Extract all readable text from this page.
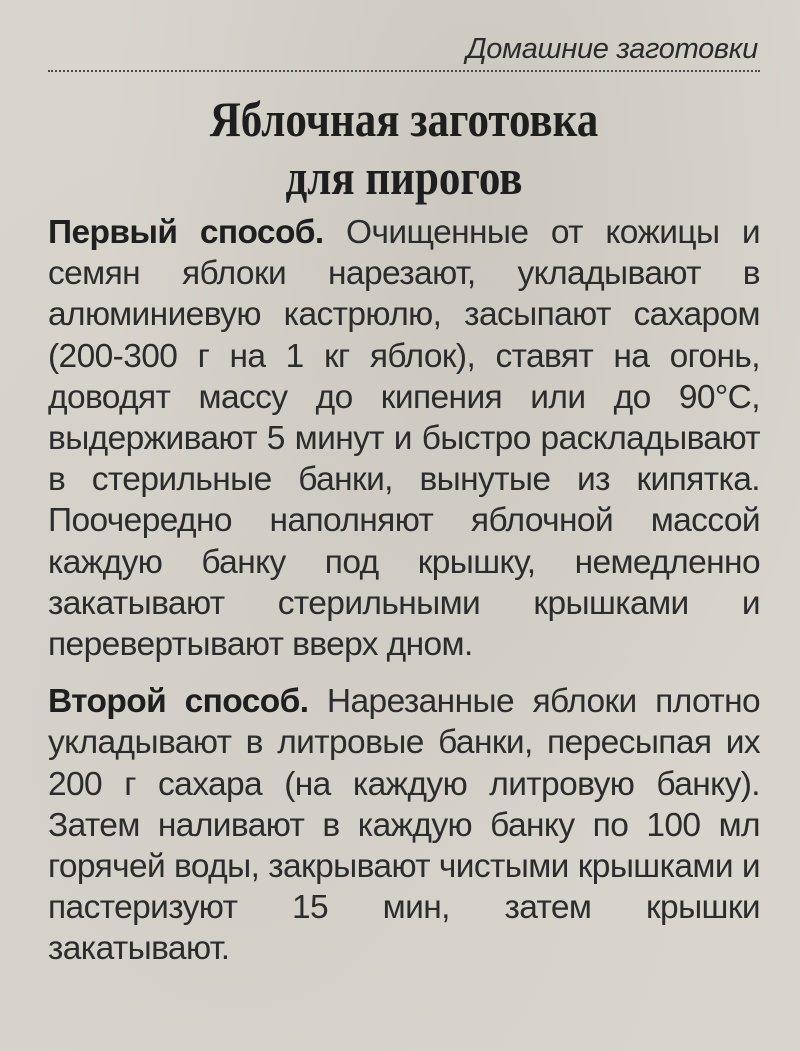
Домашние заготовки
Яблочная заготовка
для пирогов

Первый способ. Очищенные от кожицы и семян яблоки нарезают, укладывают в алюминиевую кастрюлю, засыпают сахаром (200-300 г на 1 кг яблок), ставят на огонь, доводят массу до кипения или до 90°С, выдерживают 5 минут и быстро раскладывают в стерильные банки, вынутые из кипятка. Поочередно наполняют яблочной массой каждую банку под крышку, немедленно закатывают стерильными крышками и перевертывают вверх дном.

Второй способ. Нарезанные яблоки плотно укладывают в литровые банки, пересыпая их 200 г сахара (на каждую литровую банку). Затем наливают в каждую банку по 100 мл горячей воды, закрывают чистыми крышками и пастеризуют 15 мин, затем крышки закатывают.
